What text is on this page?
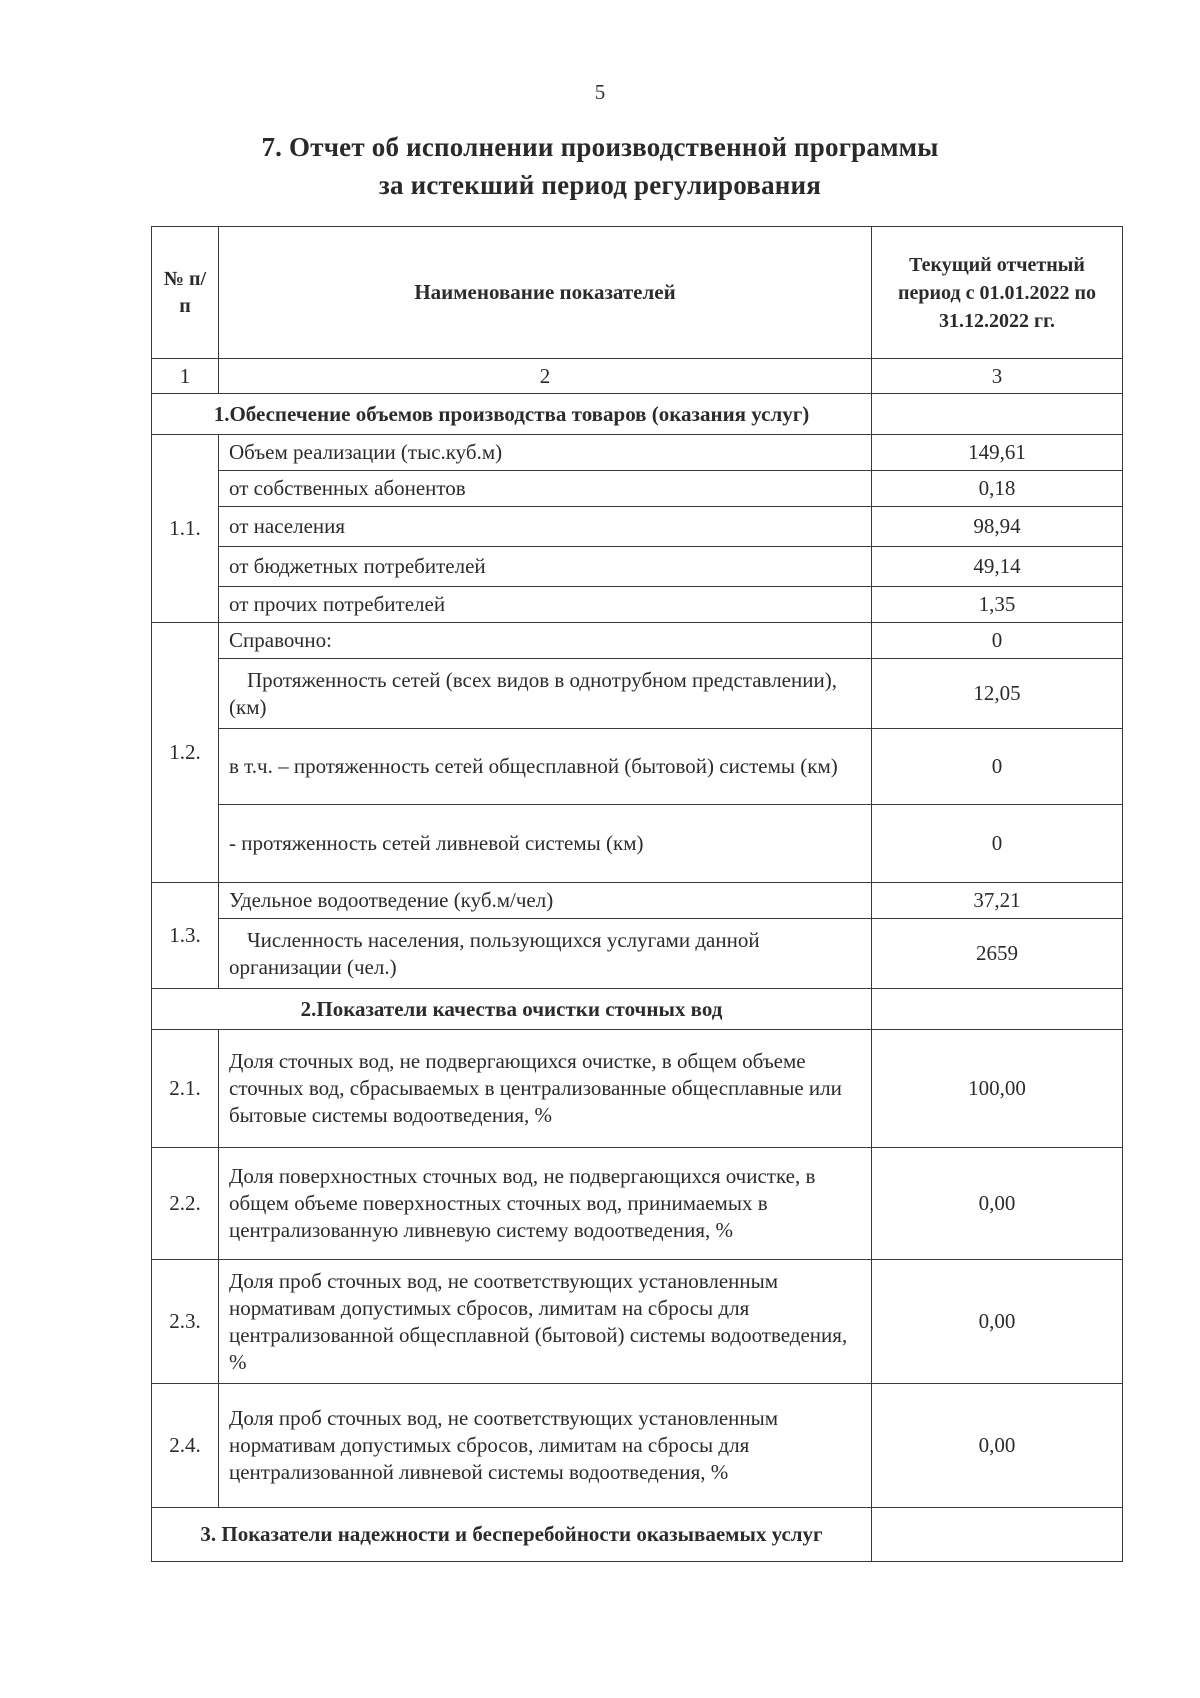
5
7. Отчет об исполнении производственной программы
за истекший период регулирования
№ п/п	Наименование показателей	Текущий отчетный период с 01.01.2022 по 31.12.2022 гг.
1	2	3
1.Обеспечение объемов производства товаров (оказания услуг)		
1.1.	Объем реализации (тыс.куб.м)	149,61
	от собственных абонентов	0,18
	от населения	98,94
	от бюджетных потребителей	49,14
	от прочих потребителей	1,35
1.2.	Справочно:	0
	Протяженность сетей (всех видов в однотрубном представлении), (км)	12,05
	в т.ч. – протяженность сетей общесплавной (бытовой) системы (км)	0
	- протяженность сетей ливневой системы (км)	0
1.3.	Удельное водоотведение (куб.м/чел)	37,21
	Численность населения, пользующихся услугами данной организации (чел.)	2659
2.Показатели качества очистки сточных вод		
2.1.	Доля сточных вод, не подвергающихся очистке, в общем объеме сточных вод, сбрасываемых в централизованные общесплавные или бытовые системы водоотведения, %	100,00
2.2.	Доля поверхностных сточных вод, не подвергающихся очистке, в общем объеме поверхностных сточных вод, принимаемых в централизованную ливневую систему водоотведения, %	0,00
2.3.	Доля проб сточных вод, не соответствующих установленным нормативам допустимых сбросов, лимитам на сбросы для централизованной общесплавной (бытовой) системы водоотведения, %	0,00
2.4.	Доля проб сточных вод, не соответствующих установленным нормативам допустимых сбросов, лимитам на сбросы для централизованной ливневой системы водоотведения, %	0,00
3. Показатели надежности и бесперебойности оказываемых услуг		
